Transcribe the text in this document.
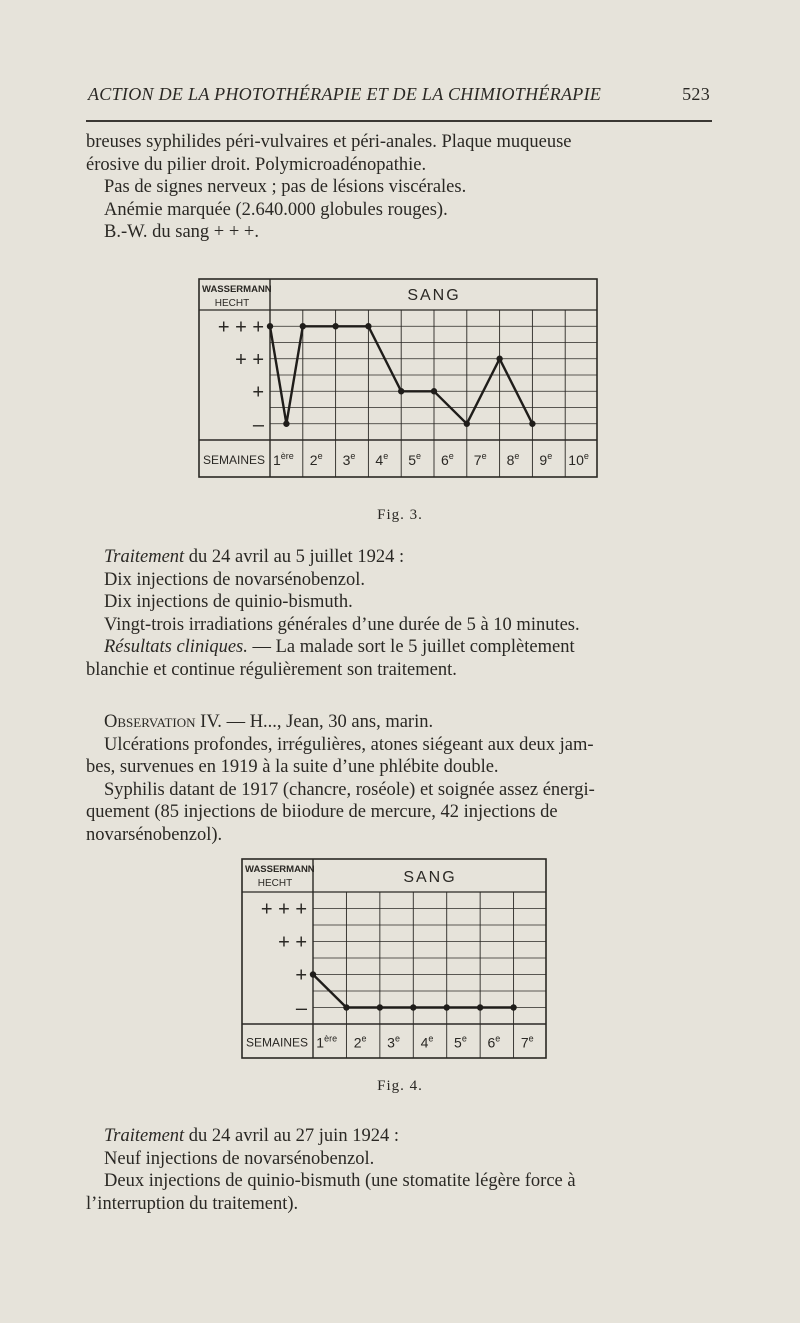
ACTION DE LA PHOTOTHÉRAPIE ET DE LA CHIMIOTHÉRAPIE	523

breuses syphilides péri-vulvaires et péri-anales. Plaque muqueuse

érosive du pilier droit. Polymicroadénopathie.

Pas de signes nerveux ; pas de lésions viscérales.

Anémie marquée (2.640.000 globules rouges).

B.-W. du sang + + +.

WASSERMANN
HECHT	SANG
–
+
+ +
+ + +
SEMAINES 1ère 2e 3e 4e 5e 6e 7e 8e 9e 10e
Fig. 3.

Traitement du 24 avril au 5 juillet 1924 :

Dix injections de novarsénobenzol.

Dix injections de quinio-bismuth.

Vingt-trois irradiations générales d’une durée de 5 à 10 minutes.

Résultats cliniques. — La malade sort le 5 juillet complètement

blanchie et continue régulièrement son traitement.

Observation IV. — H..., Jean, 30 ans, marin.

Ulcérations profondes, irrégulières, atones siégeant aux deux jam-

bes, survenues en 1919 à la suite d’une phlébite double.

Syphilis datant de 1917 (chancre, roséole) et soignée assez énergi-

quement (85 injections de biiodure de mercure, 42 injections de

novarsénobenzol).

WASSERMANN
HECHT	SANG
–
+
+ +
+ + +
SEMAINES 1ère 2e 3e 4e 5e 6e 7e
Fig. 4.

Traitement du 24 avril au 27 juin 1924 :

Neuf injections de novarsénobenzol.

Deux injections de quinio-bismuth (une stomatite légère force à

l’interruption du traitement).
